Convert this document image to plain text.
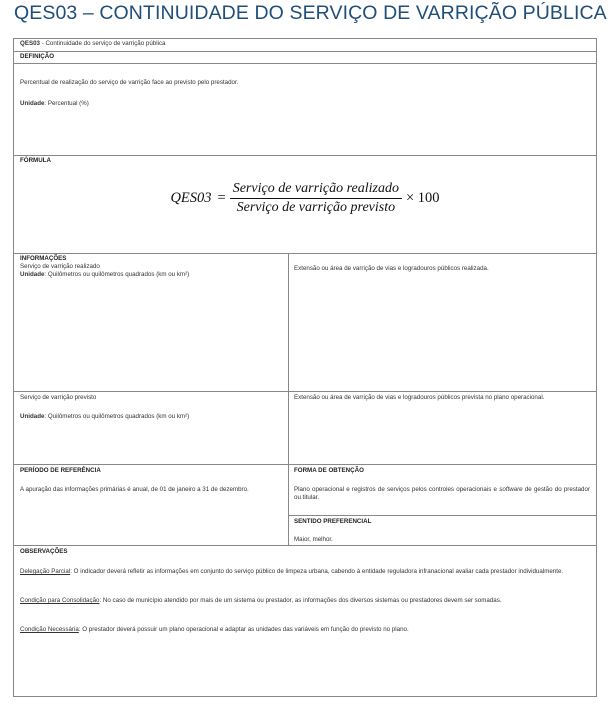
QES03 – CONTINUIDADE DO SERVIÇO DE VARRIÇÃO PÚBLICA
QES03 - Continuidade do serviço de varrição pública
DEFINIÇÃO
Percentual de realização do serviço de varrição face ao previsto pelo prestador.
Unidade: Percentual (%)
FÓRMULA
$QES03 = \frac{\text{Serviço de varrição realizado}}{\text{Serviço de varrição previsto}} \times 100$
INFORMAÇÕES
Serviço de varrição realizado
Unidade: Quilômetros ou quilômetros quadrados (km ou km²)
Extensão ou área de varrição de vias e logradouros públicos realizada.
Serviço de varrição previsto
Unidade: Quilômetros ou quilômetros quadrados (km ou km²)
Extensão ou área de varrição de vias e logradouros públicos prevista no plano operacional.
PERÍODO DE REFERÊNCIA
A apuração das informações primárias é anual, de 01 de janeiro a 31 de dezembro.
FORMA DE OBTENÇÃO
Plano operacional e registros de serviços pelos controles operacionais e software de gestão do prestador ou titular.
SENTIDO PREFERENCIAL
Maior, melhor.
OBSERVAÇÕES
Delegação Parcial: O indicador deverá refletir as informações em conjunto do serviço público de limpeza urbana, cabendo à entidade reguladora infranacional avaliar cada prestador individualmente.
Condição para Consolidação: No caso de município atendido por mais de um sistema ou prestador, as informações dos diversos sistemas ou prestadores devem ser somadas.
Condição Necessária: O prestador deverá possuir um plano operacional e adaptar as unidades das variáveis em função do previsto no plano.
